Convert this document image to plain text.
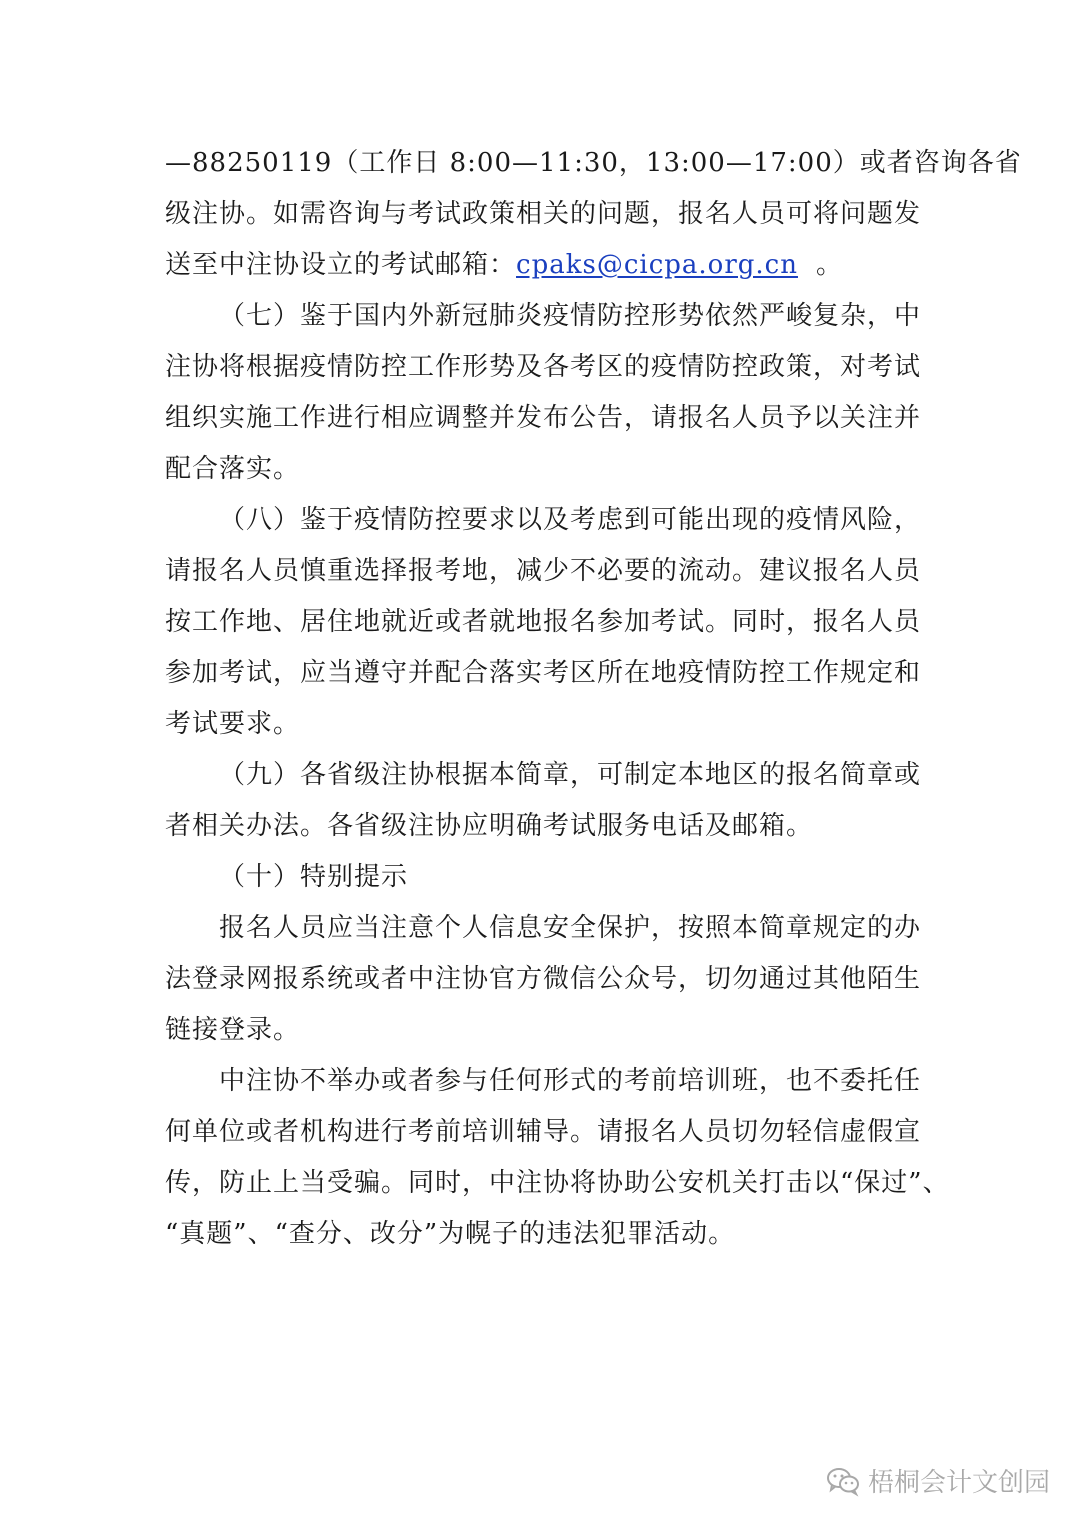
—88250119（工作日 8:00—11:30，13:00—17:00）或者咨询各省
级注协。如需咨询与考试政策相关的问题，报名人员可将问题发
送至中注协设立的考试邮箱：cpaks@cicpa.org.cn 。
（七）鉴于国内外新冠肺炎疫情防控形势依然严峻复杂，中
注协将根据疫情防控工作形势及各考区的疫情防控政策，对考试
组织实施工作进行相应调整并发布公告，请报名人员予以关注并
配合落实。
（八）鉴于疫情防控要求以及考虑到可能出现的疫情风险，
请报名人员慎重选择报考地，减少不必要的流动。建议报名人员
按工作地、居住地就近或者就地报名参加考试。同时，报名人员
参加考试，应当遵守并配合落实考区所在地疫情防控工作规定和
考试要求。
（九）各省级注协根据本简章，可制定本地区的报名简章或
者相关办法。各省级注协应明确考试服务电话及邮箱。
（十）特别提示
报名人员应当注意个人信息安全保护，按照本简章规定的办
法登录网报系统或者中注协官方微信公众号，切勿通过其他陌生
链接登录。
中注协不举办或者参与任何形式的考前培训班，也不委托任
何单位或者机构进行考前培训辅导。请报名人员切勿轻信虚假宣
传，防止上当受骗。同时，中注协将协助公安机关打击以“保过”、
“真题”、“查分、改分”为幌子的违法犯罪活动。
梧桐会计文创园
